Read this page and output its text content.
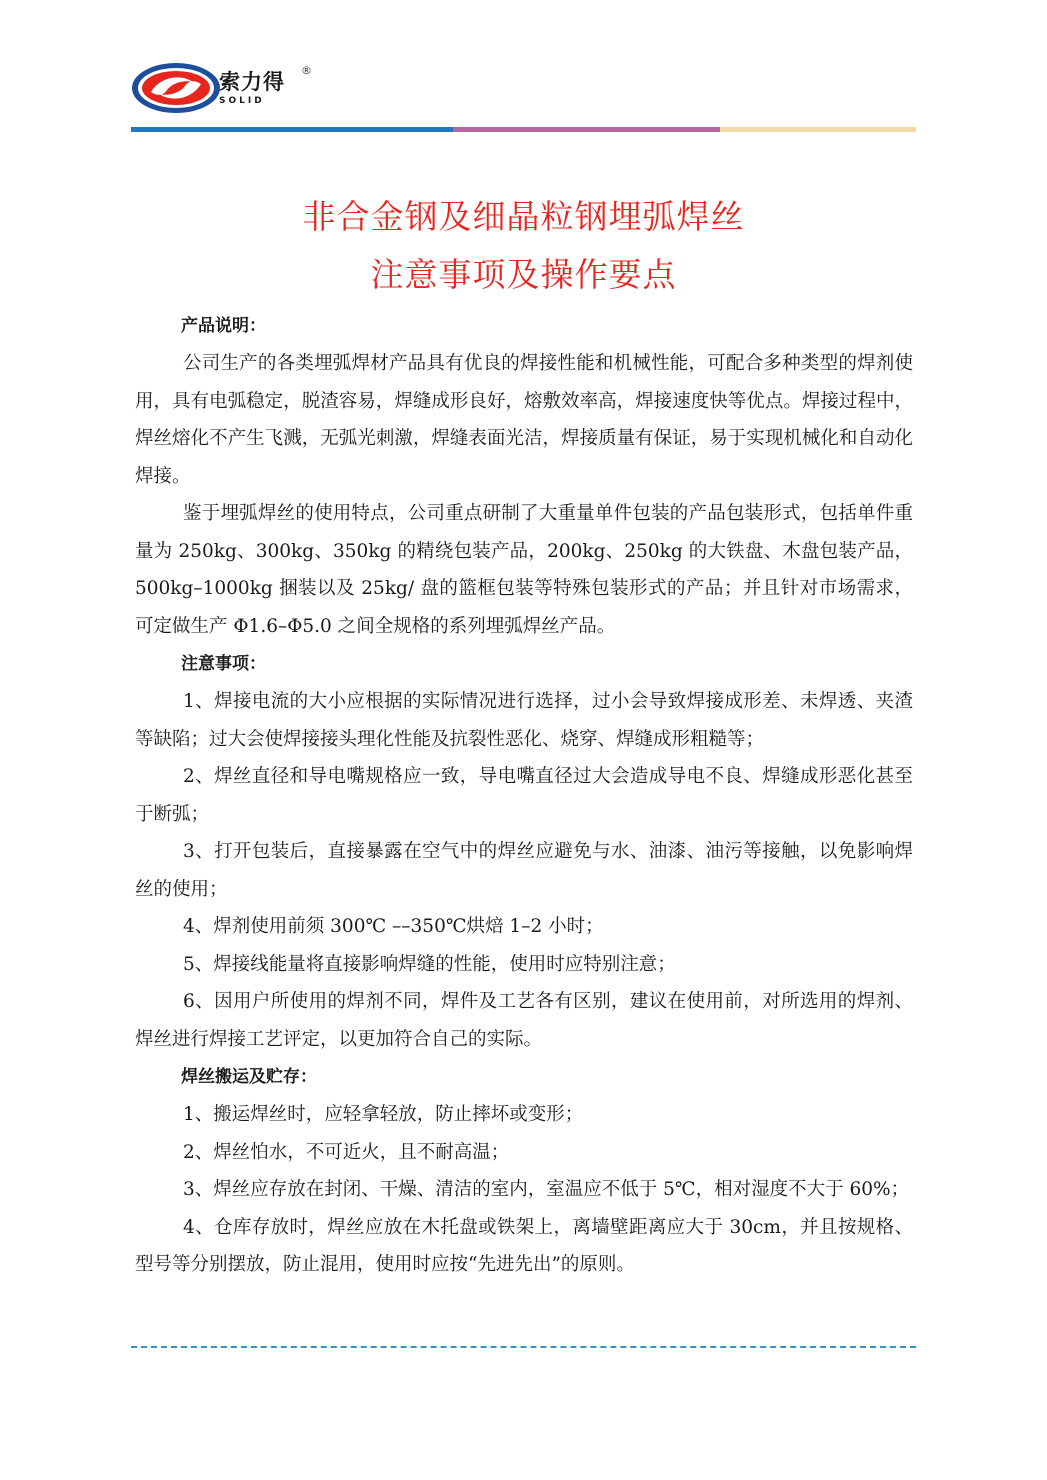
索力得 ®
SOLID
非合金钢及细晶粒钢埋弧焊丝
注意事项及操作要点
产品说明：

公司生产的各类埋弧焊材产品具有优良的焊接性能和机械性能，可配合多种类型的焊剂使用，具有电弧稳定，脱渣容易，焊缝成形良好，熔敷效率高，焊接速度快等优点。焊接过程中，焊丝熔化不产生飞溅，无弧光刺激，焊缝表面光洁，焊接质量有保证，易于实现机械化和自动化焊接。

鉴于埋弧焊丝的使用特点，公司重点研制了大重量单件包装的产品包装形式，包括单件重量为 250kg、300kg、350kg 的精绕包装产品，200kg、250kg 的大铁盘、木盘包装产品，500kg–1000kg 捆装以及 25kg/ 盘的篮框包装等特殊包装形式的产品；并且针对市场需求，可定做生产 Φ1.6–Φ5.0 之间全规格的系列埋弧焊丝产品。

注意事项：

1、焊接电流的大小应根据的实际情况进行选择，过小会导致焊接成形差、未焊透、夹渣等缺陷；过大会使焊接接头理化性能及抗裂性恶化、烧穿、焊缝成形粗糙等；

2、焊丝直径和导电嘴规格应一致，导电嘴直径过大会造成导电不良、焊缝成形恶化甚至于断弧；

3、打开包装后，直接暴露在空气中的焊丝应避免与水、油漆、油污等接触，以免影响焊丝的使用；

4、焊剂使用前须 300℃ ––350℃烘焙 1–2 小时；

5、焊接线能量将直接影响焊缝的性能，使用时应特别注意；

6、因用户所使用的焊剂不同，焊件及工艺各有区别，建议在使用前，对所选用的焊剂、焊丝进行焊接工艺评定，以更加符合自己的实际。

焊丝搬运及贮存：

1、搬运焊丝时，应轻拿轻放，防止摔坏或变形；

2、焊丝怕水，不可近火，且不耐高温；

3、焊丝应存放在封闭、干燥、清洁的室内，室温应不低于 5℃，相对湿度不大于 60%；

4、仓库存放时，焊丝应放在木托盘或铁架上，离墙壁距离应大于 30cm，并且按规格、型号等分别摆放，防止混用，使用时应按“先进先出”的原则。
